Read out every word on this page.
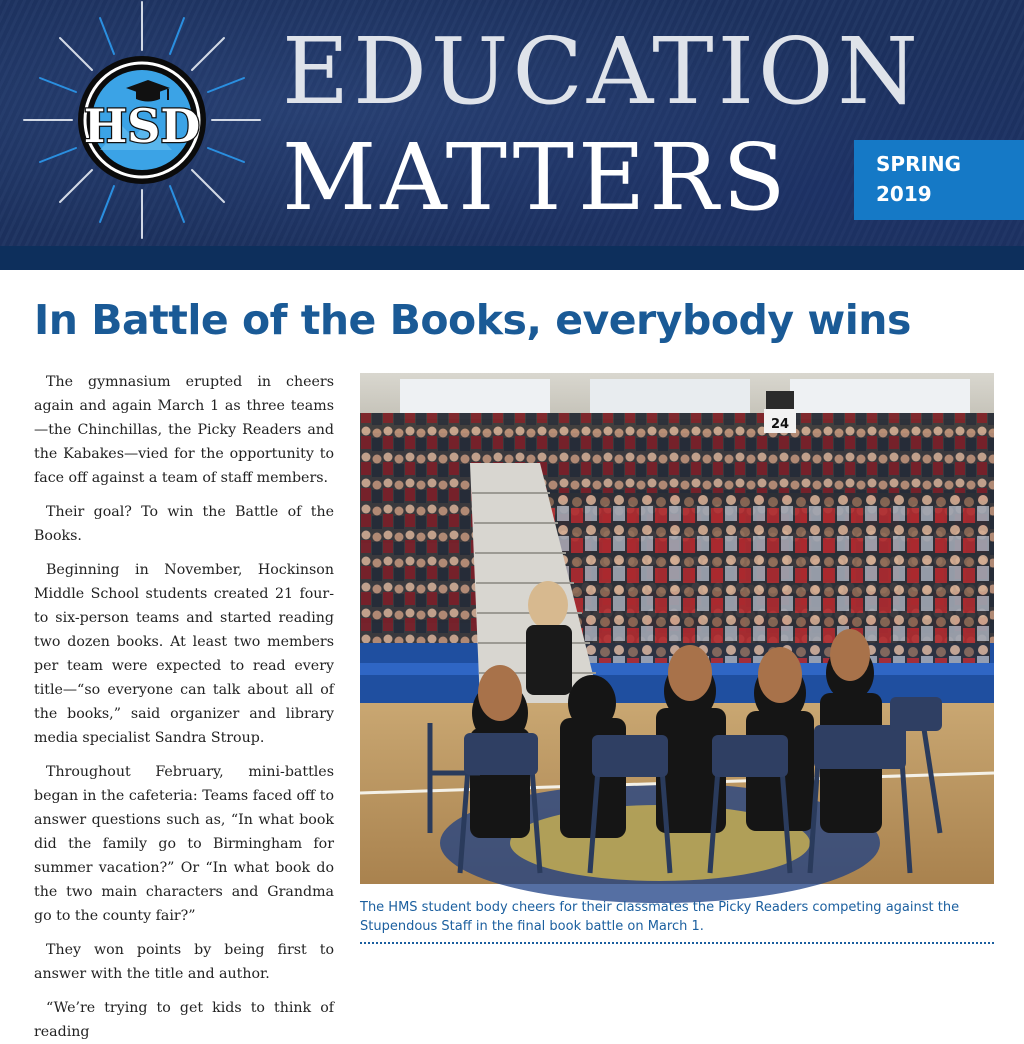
HSD
EDUCATION
MATTERS	SPRING
2019
In Battle of the Books, everybody wins

The gymnasium erupted in cheers again and again March 1 as three teams—the Chinchillas, the Picky Readers and the Kabakes—vied for the opportunity to face off against a team of staff members.

Their goal? To win the Battle of the Books.

Beginning in November, Hockinson Middle School students created 21 four- to six-person teams and started reading two dozen books. At least two members per team were expected to read every title—“so everyone can talk about all of the books,” said organizer and library media specialist Sandra Stroup.

Throughout February, mini-battles began in the cafeteria: Teams faced off to answer questions such as, “In what book did the family go to Birmingham for summer vacation?” Or “In what book do the two main characters and Grandma go to the county fair?”

They won points by being first to answer with the title and author.

“We’re trying to get kids to think of reading

24

The HMS student body cheers for their classmates the Picky Readers competing against the Stupendous Staff in the final book battle on March 1.
